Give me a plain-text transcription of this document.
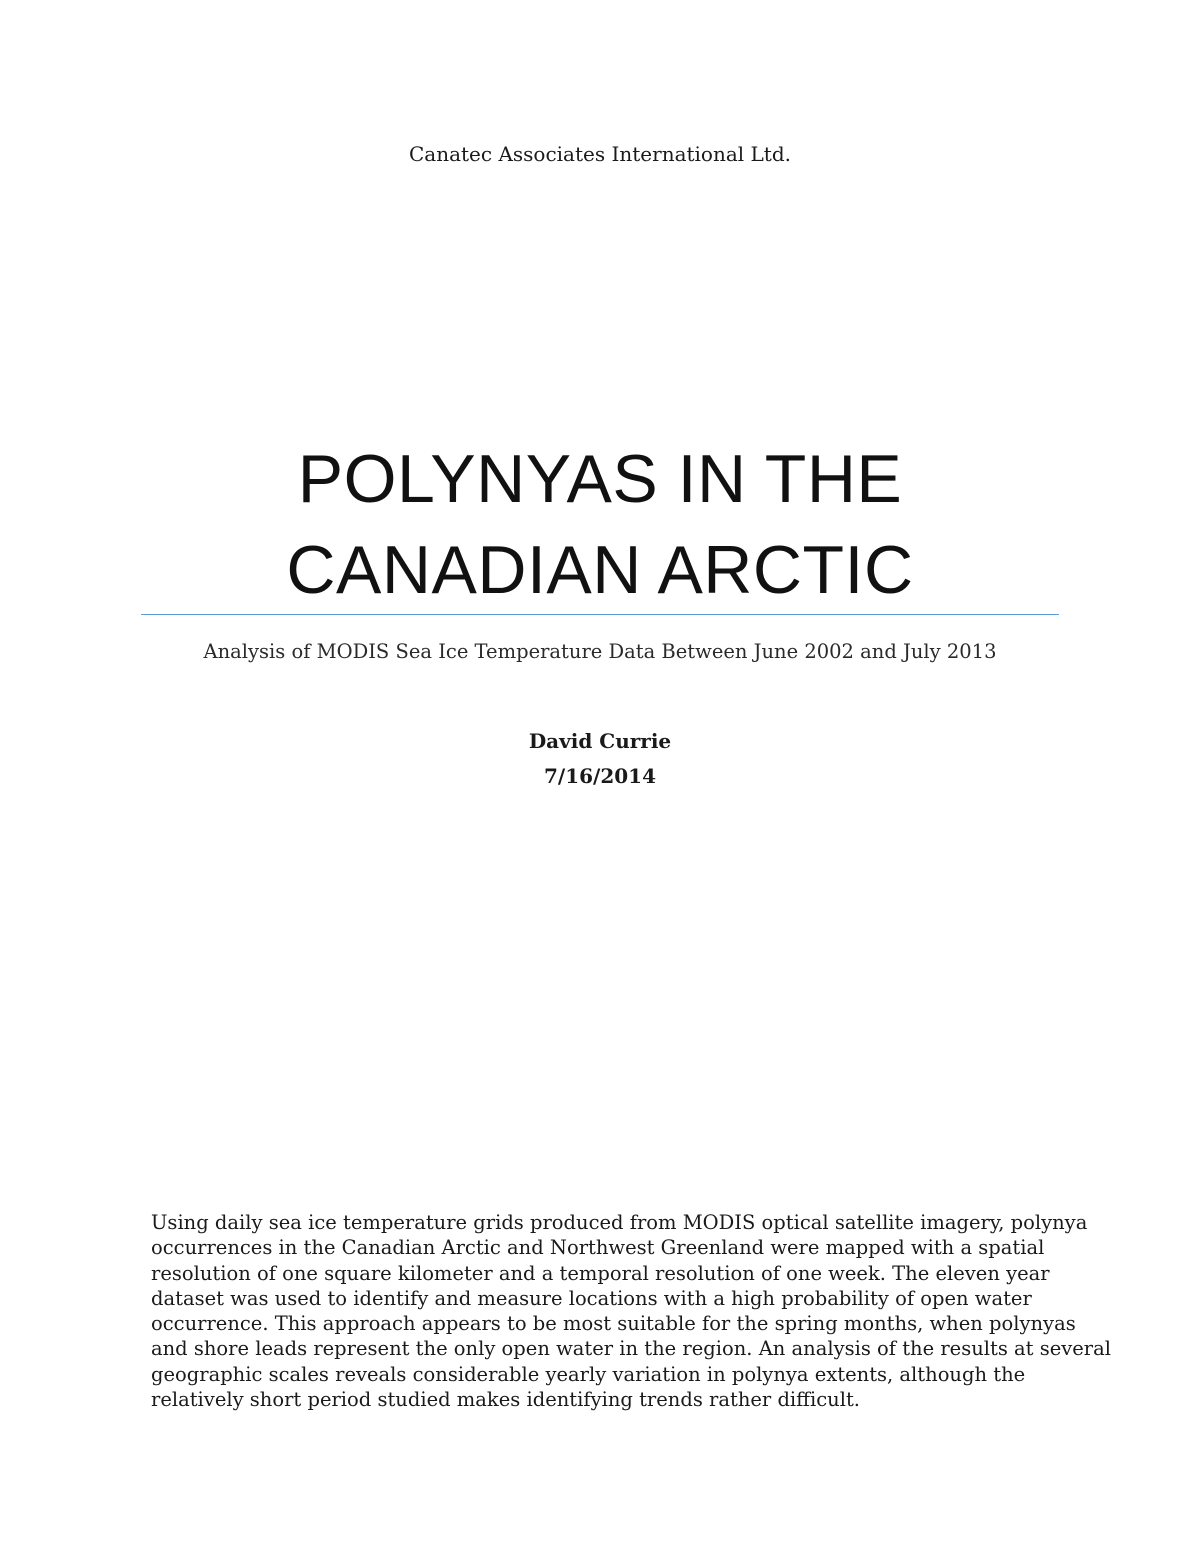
Canatec Associates International Ltd.
POLYNYAS IN THE
CANADIAN ARCTIC
Analysis of MODIS Sea Ice Temperature Data Between June 2002 and July 2013
David Currie
7/16/2014
Using daily sea ice temperature grids produced from MODIS optical satellite imagery, polynya
occurrences in the Canadian Arctic and Northwest Greenland were mapped with a spatial
resolution of one square kilometer and a temporal resolution of one week. The eleven year
dataset was used to identify and measure locations with a high probability of open water
occurrence. This approach appears to be most suitable for the spring months, when polynyas
and shore leads represent the only open water in the region. An analysis of the results at several
geographic scales reveals considerable yearly variation in polynya extents, although the
relatively short period studied makes identifying trends rather difficult.
